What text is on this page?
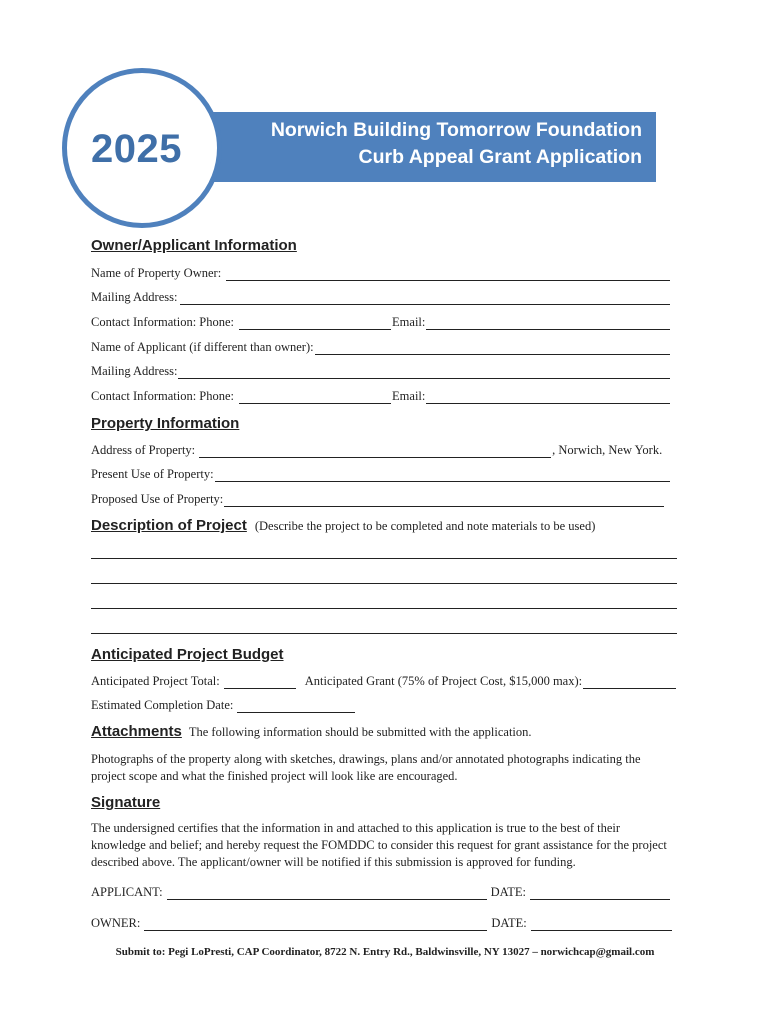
Norwich Building Tomorrow Foundation
Curb Appeal Grant Application
2025
Owner/Applicant Information
Name of Property Owner:
Mailing Address:
Contact Information: Phone:	Email:
Name of Applicant (if different than owner):
Mailing Address:
Contact Information: Phone:	Email:
Property Information
Address of Property:	, Norwich, New York.
Present Use of Property:
Proposed Use of Property:
Description of Project (Describe the project to be completed and note materials to be used)
Anticipated Project Budget
Anticipated Project Total:	Anticipated Grant (75% of Project Cost, $15,000 max):
Estimated Completion Date:
Attachments The following information should be submitted with the application.
Photographs of the property along with sketches, drawings, plans and/or annotated photographs indicating the project scope and what the finished project will look like are encouraged.
Signature
The undersigned certifies that the information in and attached to this application is true to the best of their knowledge and belief; and hereby request the FOMDDC to consider this request for grant assistance for the project described above. The applicant/owner will be notified if this submission is approved for funding.
APPLICANT:	DATE:
OWNER:	DATE:
Submit to: Pegi LoPresti, CAP Coordinator, 8722 N. Entry Rd., Baldwinsville, NY 13027 – norwichcap@gmail.com
